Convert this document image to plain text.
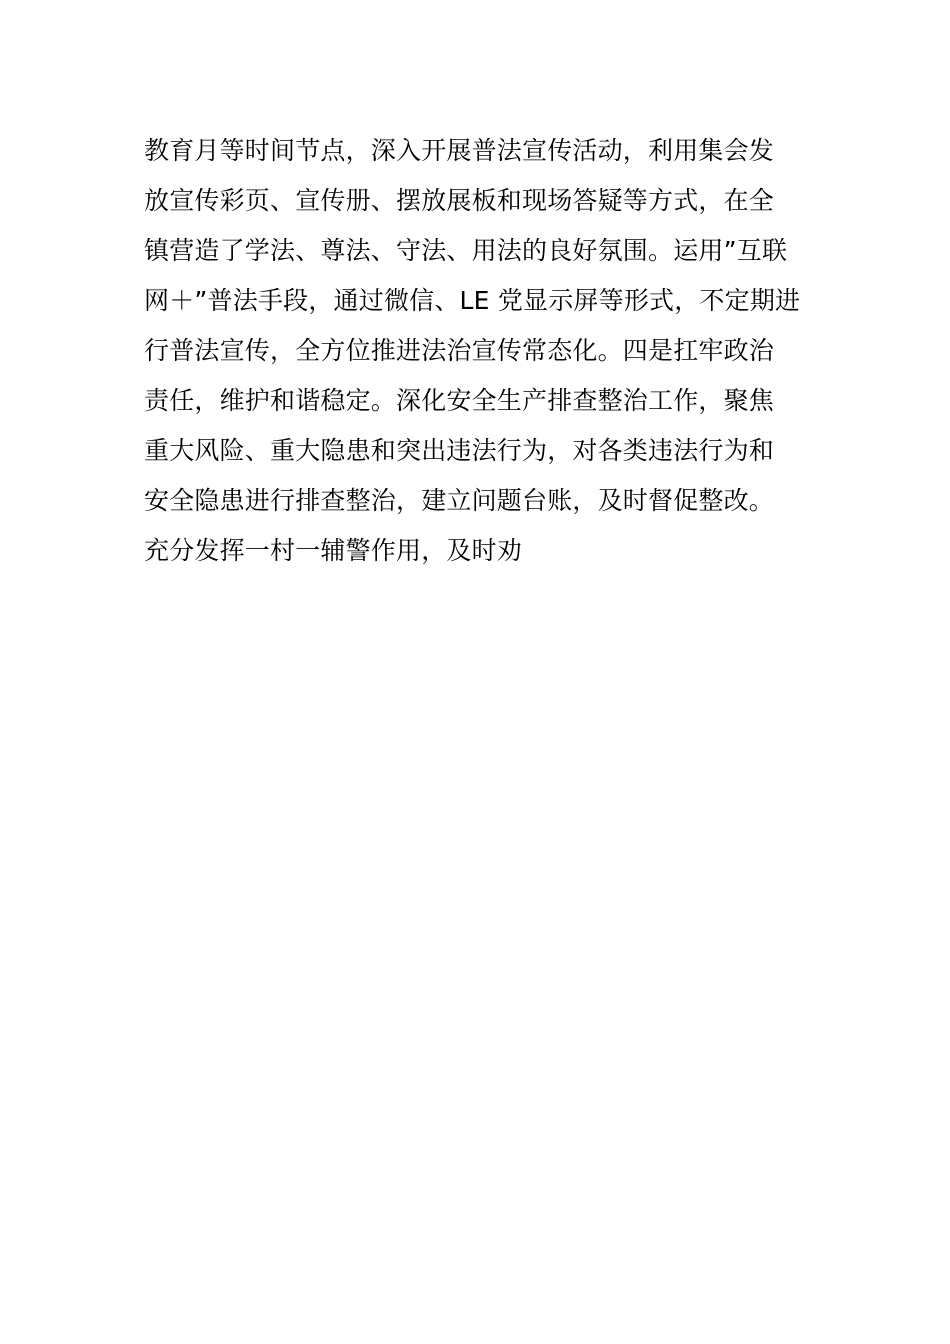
教育月等时间节点，深入开展普法宣传活动，利用集会发
放宣传彩页、宣传册、摆放展板和现场答疑等方式，在全
镇营造了学法、尊法、守法、用法的良好氛围。运用”互联
网＋”普法手段，通过微信、LE 党显示屏等形式，不定期进
行普法宣传，全方位推进法治宣传常态化。四是扛牢政治
责任，维护和谐稳定。深化安全生产排查整治工作，聚焦
重大风险、重大隐患和突出违法行为，对各类违法行为和
安全隐患进行排查整治，建立问题台账，及时督促整改。
充分发挥一村一辅警作用，及时劝
